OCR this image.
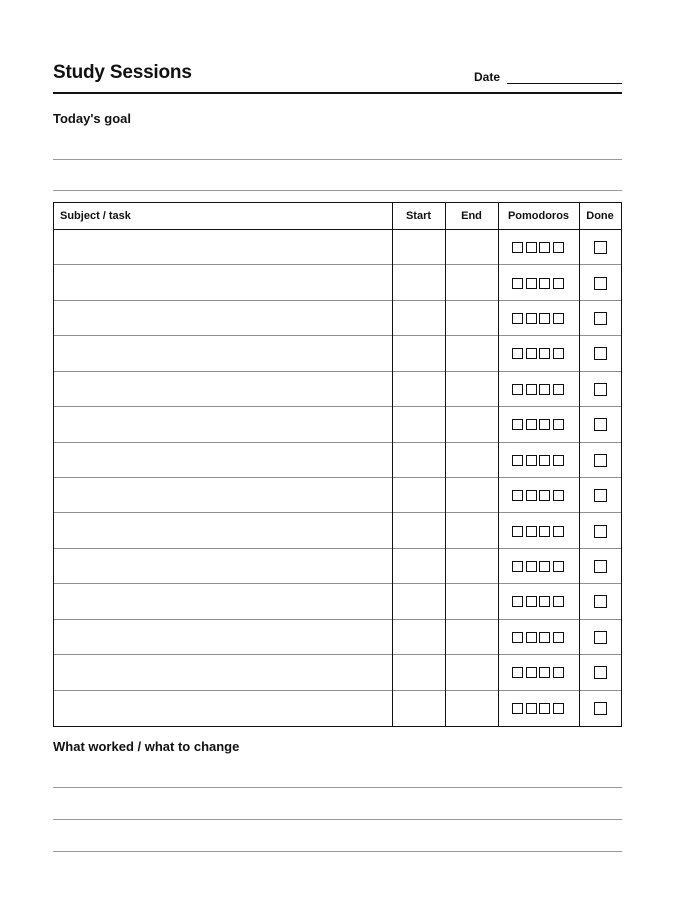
Study Sessions	Date
Today's goal
Subject / task	Start	End	Pomodoros	Done
What worked / what to change
